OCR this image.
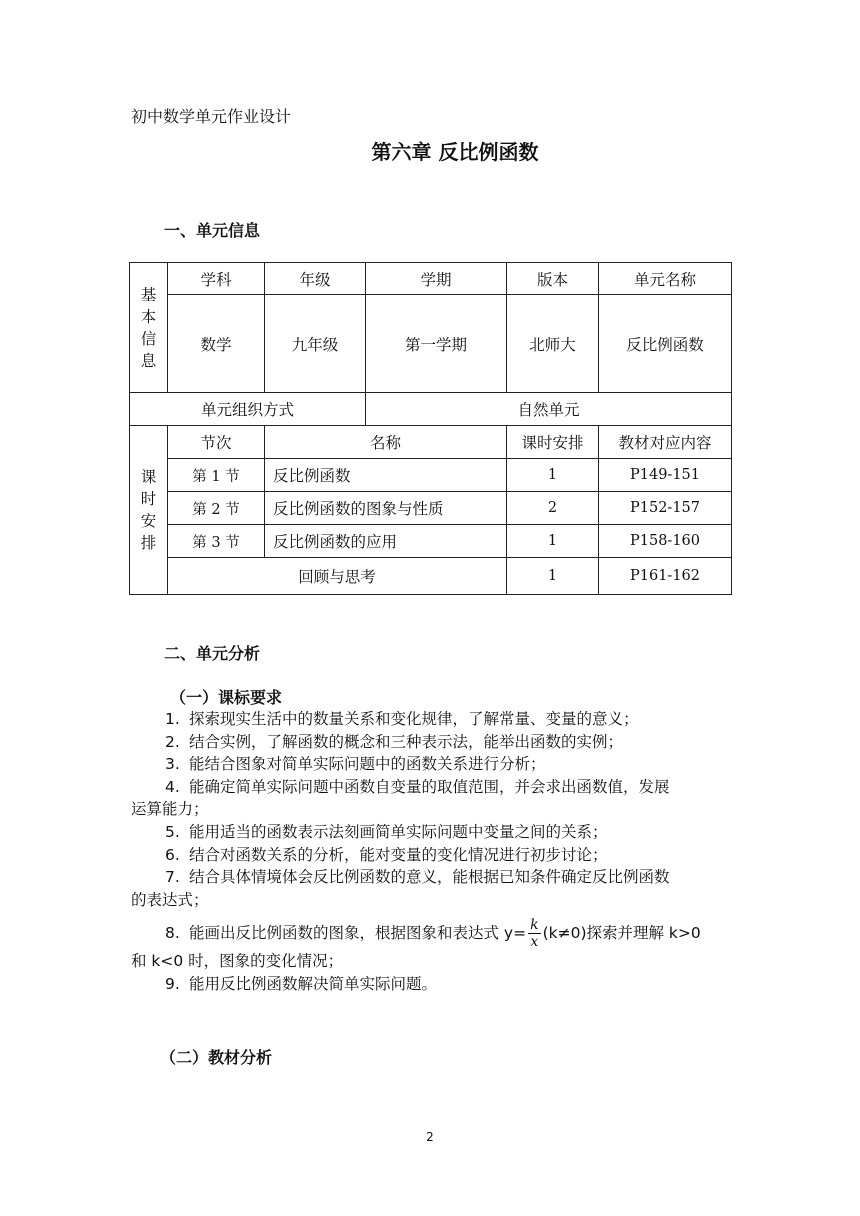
初中数学单元作业设计
第六章 反比例函数
一、单元信息
基
本
信
息	学科	年级	学期	版本	单元名称
	数学	九年级	第一学期	北师大	反比例函数
单元组织方式			自然单元		

课
时
安
排	节次	名称		课时安排	教材对应内容
	第 1 节	反比例函数		1	P149-151
	第 2 节	反比例函数的图象与性质		2	P152-157
	第 3 节	反比例函数的应用		1	P158-160
	回顾与思考			1	P161-162
二、单元分析
（一）课标要求

1. 探索现实生活中的数量关系和变化规律，了解常量、变量的意义；

2. 结合实例，了解函数的概念和三种表示法，能举出函数的实例；

3. 能结合图象对简单实际问题中的函数关系进行分析；

4. 能确定简单实际问题中函数自变量的取值范围，并会求出函数值，发展

运算能力；

5. 能用适当的函数表示法刻画简单实际问题中变量之间的关系；

6. 结合对函数关系的分析，能对变量的变化情况进行初步讨论；

7. 结合具体情境体会反比例函数的意义，能根据已知条件确定反比例函数

的表达式；

8. 能画出反比例函数的图象，根据图象和表达式 $y= \frac{k}{x} (k\ne 0)$探索并理解 k>0

和 k<0 时，图象的变化情况；

9. 能用反比例函数解决简单实际问题。

（二）教材分析
2
